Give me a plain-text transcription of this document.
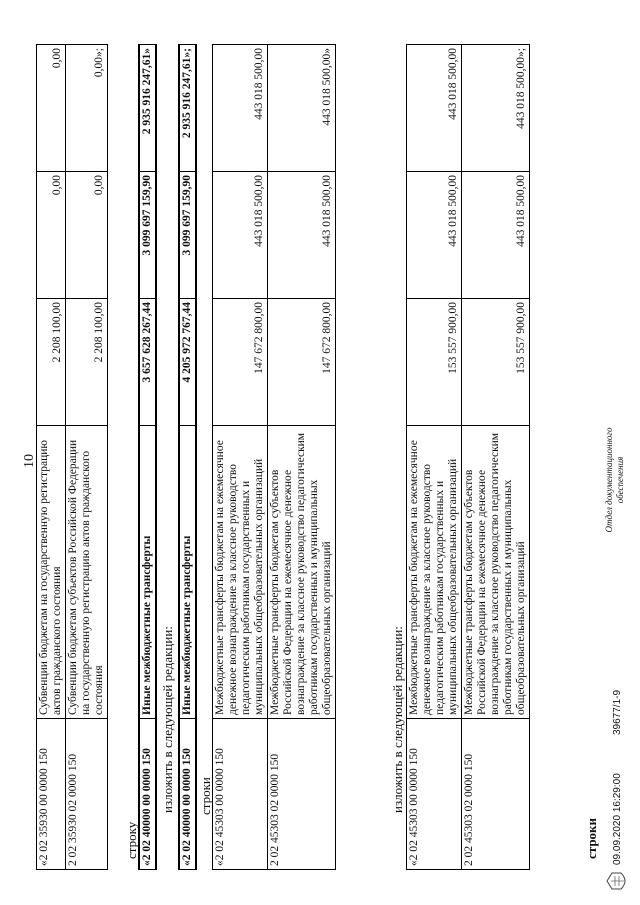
10
«2 02 35930 00 0000 150	Субвенции бюджетам на государственную регистрацию актов гражданского состояния	2 208 100,00	0,00	0,00
2 02 35930 02 0000 150	Субвенции бюджетам субъектов Российской Федерации на государственную регистрацию актов гражданского состояния	2 208 100,00	0,00	0,00»;
строку «2 02 40000 00 0000 150	Иные межбюджетные трансферты	3 657 628 267,44	3 099 697 159,90	2 935 916 247,61»
изложить в следующей редакции: «2 02 40000 00 0000 150	Иные межбюджетные трансферты	4 205 972 767,44	3 099 697 159,90	2 935 916 247,61»;
строки «2 02 45303 00 0000 150	Межбюджетные трансферты бюджетам на ежемесячное денежное вознаграждение за классное руководство педагогическим работникам государственных и муниципальных общеобразовательных организаций	147 672 800,00	443 018 500,00	443 018 500,00
2 02 45303 02 0000 150	Межбюджетные трансферты бюджетам субъектов Российской Федерации на ежемесячное денежное вознаграждение за классное руководство педагогическим работникам государственных и муниципальных общеобразовательных организаций	147 672 800,00	443 018 500,00	443 018 500,00»
изложить в следующей редакции: «2 02 45303 00 0000 150	Межбюджетные трансферты бюджетам на ежемесячное денежное вознаграждение за классное руководство педагогическим работникам государственных и муниципальных общеобразовательных организаций	153 557 900,00	443 018 500,00	443 018 500,00
2 02 45303 02 0000 150	Межбюджетные трансферты бюджетам субъектов Российской Федерации на ежемесячное денежное вознаграждение за классное руководство педагогическим работникам государственных и муниципальных общеобразовательных организаций	153 557 900,00	443 018 500,00	443 018 500,00»;
строки 09.09.2020 16:29:00
39677/1-9
Отдел документационного обеспечения
